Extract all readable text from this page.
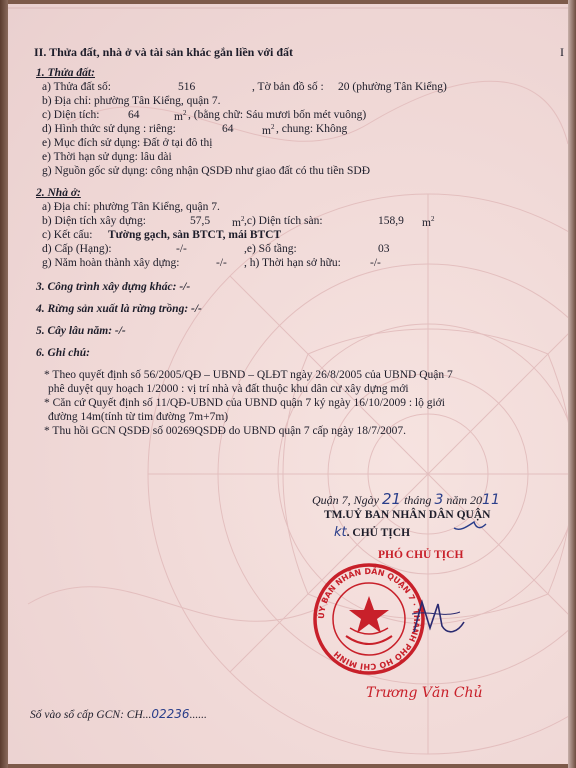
II. Thửa đất, nhà ở và tài sản khác gắn liền với đất	I
1. Thửa đất:
a) Thửa đất số:	516	, Tờ bản đồ số : 20 (phường Tân Kiểng)
b) Địa chỉ: phường Tân Kiểng, quận 7.
c) Diện tích: 64	$m^2$ , (bằng chữ: Sáu mươi bốn mét vuông)
d) Hình thức sử dụng : riêng:	64 $m^2$ , chung: Không
e) Mục đích sử dụng: Đất ở tại đô thị
e) Thời hạn sử dụng: lâu dài
g) Nguồn gốc sử dụng: công nhận QSDĐ như giao đất có thu tiền SDĐ
2. Nhà ở:
a) Địa chỉ: phường Tân Kiểng, quận 7.
b) Diện tích xây dựng:	57,5 $m^2$ ,c) Diện tích sàn:	158,9 $m^2$
c) Kết cấu: Tường gạch, sàn BTCT, mái BTCT
d) Cấp (Hạng):	-/-	,e) Số tầng:	03
g) Năm hoàn thành xây dựng:	-/- , h) Thời hạn sở hữu:	-/-
3. Công trình xây dựng khác: -/-
4. Rừng sản xuất là rừng trồng: -/-
5. Cây lâu năm: -/-
6. Ghi chú:
* Theo quyết định số 56/2005/QĐ – UBND – QLĐT ngày 26/8/2005 của UBND Quận 7
phê duyệt quy hoạch 1/2000 : vị trí nhà và đất thuộc khu dân cư xây dựng mới
* Căn cứ Quyết định số 11/QĐ-UBND của UBND quận 7 ký ngày 16/10/2009 : lộ giới
đường 14m(tính từ tim đường 7m+7m)
* Thu hồi GCN QSDĐ số 00269QSDĐ do UBND quận 7 cấp ngày 18/7/2007.
Quận 7, Ngày 21 tháng 3 năm 2011
TM.UỶ BAN NHÂN DÂN QUẬN
kt. CHỦ TỊCH
PHÓ CHỦ TỊCH
ỦY BAN NHÂN DÂN QUẬN 7 · THÀNH PHỐ HỒ CHÍ MINH
Trương Văn Chủ
Số vào sổ cấp GCN: CH...02236......
